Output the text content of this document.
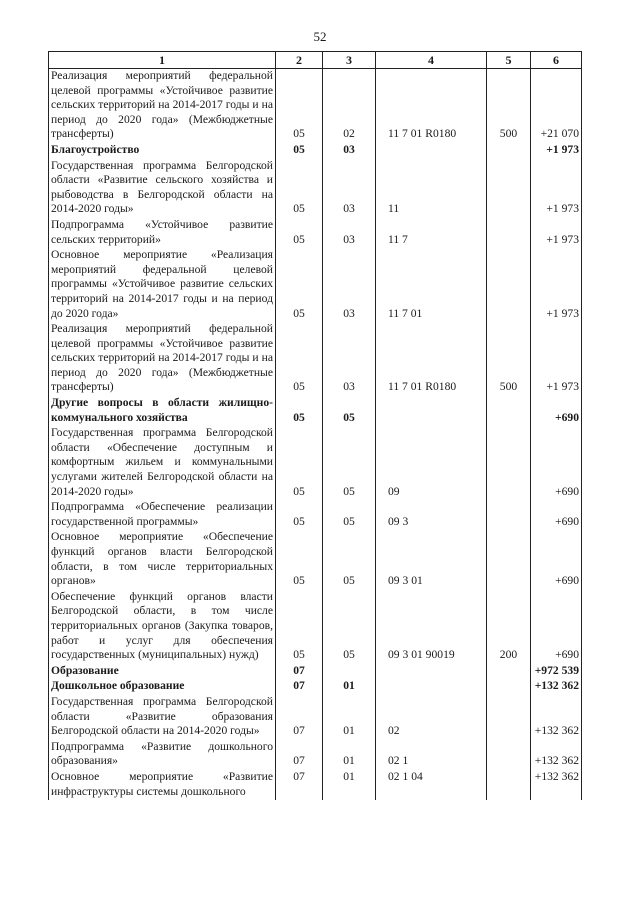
52
1	2	3	4	5	6
Реализация мероприятий федеральной целевой программы «Устойчивое развитие сельских территорий на 2014-2017 годы и на период до 2020 года» (Межбюджетные трансферты)	05	02	11 7 01 R0180	500	+21 070
Благоустройство	05	03			+1 973
Государственная программа Белгородской области «Развитие сельского хозяйства и рыбоводства в Белгородской области на 2014-2020 годы»	05	03	11		+1 973
Подпрограмма «Устойчивое развитие сельских территорий»	05	03	11 7		+1 973
Основное мероприятие «Реализация мероприятий федеральной целевой программы «Устойчивое развитие сельских территорий на 2014-2017 годы и на период до 2020 года»	05	03	11 7 01		+1 973
Реализация мероприятий федеральной целевой программы «Устойчивое развитие сельских территорий на 2014-2017 годы и на период до 2020 года» (Межбюджетные трансферты)	05	03	11 7 01 R0180	500	+1 973
Другие вопросы в области жилищно-коммунального хозяйства	05	05			+690
Государственная программа Белгородской области «Обеспечение доступным и комфортным жильем и коммунальными услугами жителей Белгородской области на 2014-2020 годы»	05	05	09		+690
Подпрограмма «Обеспечение реализации государственной программы»	05	05	09 3		+690
Основное мероприятие «Обеспечение функций органов власти Белгородской области, в том числе территориальных органов»	05	05	09 3 01		+690
Обеспечение функций органов власти Белгородской области, в том числе территориальных органов (Закупка товаров, работ и услуг для обеспечения государственных (муниципальных) нужд)	05	05	09 3 01 90019	200	+690
Образование	07				+972 539
Дошкольное образование	07	01			+132 362
Государственная программа Белгородской области «Развитие образования Белгородской области на 2014-2020 годы»	07	01	02		+132 362
Подпрограмма «Развитие дошкольного образования»	07	01	02 1		+132 362
Основное мероприятие «Развитие инфраструктуры системы дошкольного	07	01	02 1 04		+132 362
